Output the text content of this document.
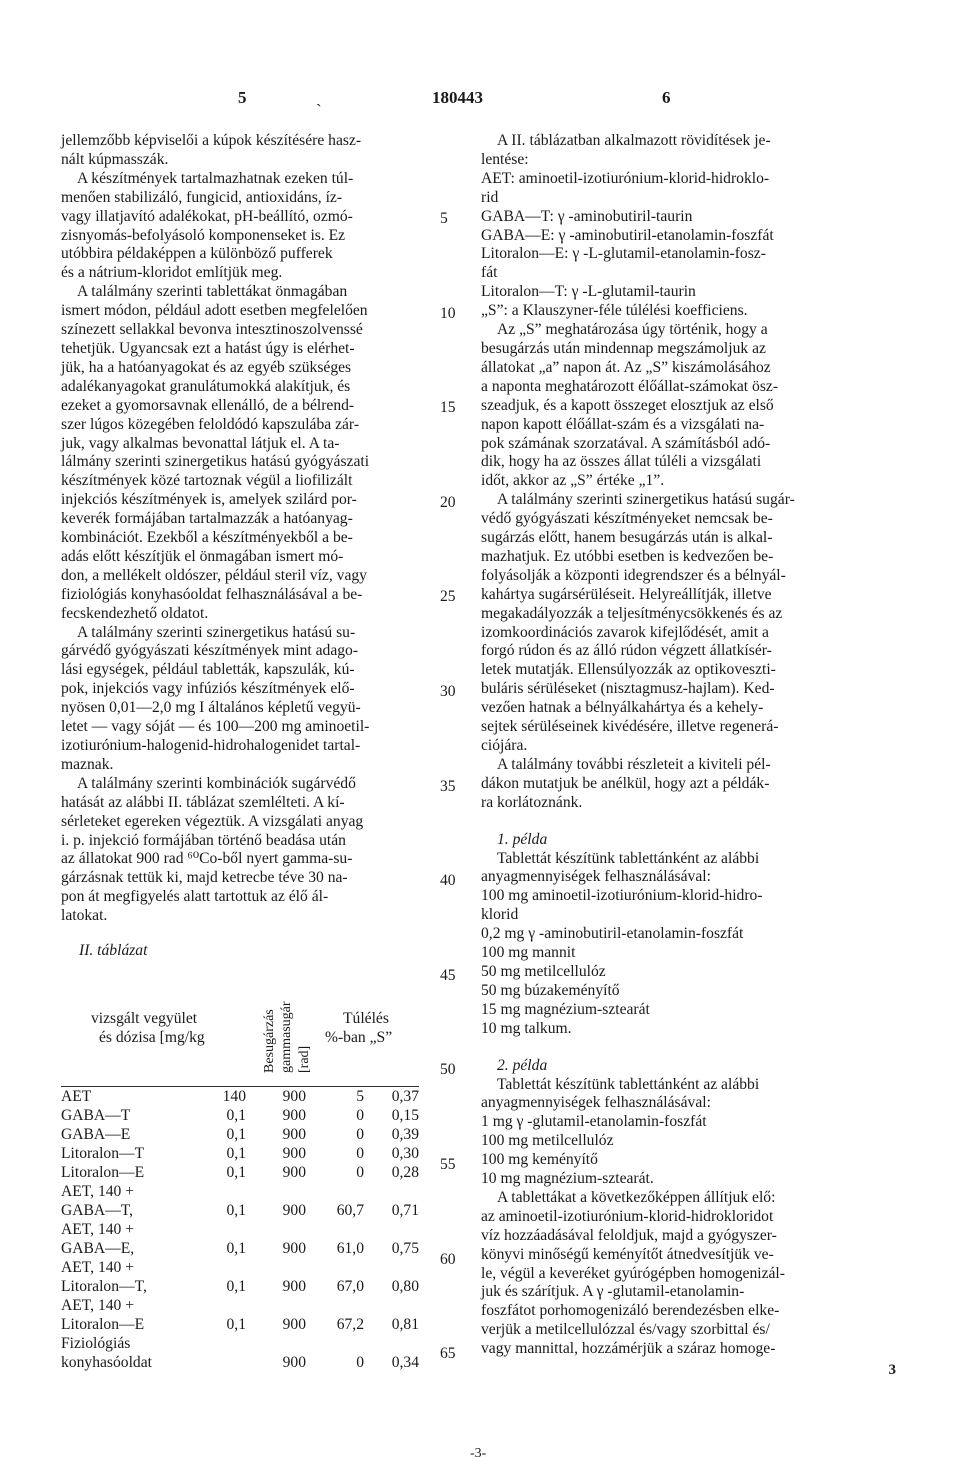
5	ˎ	180443	6

jellemzőbb képviselői a kúpok készítésére hasz-

nált kúpmasszák.

A készítmények tartalmazhatnak ezeken túl-

menően stabilizáló, fungicid, antioxidáns, íz-

vagy illatjavító adalékokat, pH-beállító, ozmó-

zisnyomás-befolyásoló komponenseket is. Ez

utóbbira példaképpen a különböző pufferek

és a nátrium-kloridot említjük meg.

A találmány szerinti tablettákat önmagában

ismert módon, például adott esetben megfelelően

színezett sellakkal bevonva intesztinoszolvenssé

tehetjük. Ugyancsak ezt a hatást úgy is elérhet-

jük, ha a hatóanyagokat és az egyéb szükséges

adalékanyagokat granulátumokká alakítjuk, és

ezeket a gyomorsavnak ellenálló, de a bélrend-

szer lúgos közegében feloldódó kapszulába zár-

juk, vagy alkalmas bevonattal látjuk el. A ta-

lálmány szerinti szinergetikus hatású gyógyászati

készítmények közé tartoznak végül a liofilizált

injekciós készítmények is, amelyek szilárd por-

keverék formájában tartalmazzák a hatóanyag-

kombinációt. Ezekből a készítményekből a be-

adás előtt készítjük el önmagában ismert mó-

don, a mellékelt oldószer, például steril víz, vagy

fiziológiás konyhasóoldat felhasználásával a be-

fecskendezhető oldatot.

A találmány szerinti szinergetikus hatású su-

gárvédő gyógyászati készítmények mint adago-

lási egységek, például tabletták, kapszulák, kú-

pok, injekciós vagy infúziós készítmények elő-

nyösen 0,01—2,0 mg I általános képletű vegyü-

letet — vagy sóját — és 100—200 mg aminoetil-

izotiurónium-halogenid-hidrohalogenidet tartal-

maznak.

A találmány szerinti kombinációk sugárvédő

hatását az alábbi II. táblázat szemlélteti. A kí-

sérleteket egereken végeztük. A vizsgálati anyag

i. p. injekció formájában történő beadása után

az állatokat 900 rad ⁶⁰Co-ből nyert gamma-su-

gárzásnak tettük ki, majd ketrecbe téve 30 na-

pon át megfigyelés alatt tartottuk az élő ál-

latokat.

II. táblázat

vizsgált vegyület

és dózisa [mg/kg	Besugárzás gammasugár [rad]

Túlélés

%-ban „S”

AET	140	900	5	0,37

GABA—T	0,1	900	0	0,15

GABA—E	0,1	900	0	0,39

Litoralon—T	0,1	900	0	0,30

Litoralon—E	0,1	900	0	0,28

AET, 140 +
GABA—T,	0,1	900	60,7	0,71

AET, 140 +
GABA—E,	0,1	900	61,0	0,75

AET, 140 +
Litoralon—T,	0,1	900	67,0	0,80

AET, 140 +
Litoralon—E	0,1	900	67,2	0,81

Fiziológiás
konyhasóoldat		900	0	0,34
5
10
15
20
25
30
35
40
45
50
55
60
65

A II. táblázatban alkalmazott rövidítések je-

lentése:

AET: aminoetil-izotiurónium-klorid-hidroklo-

rid

GABA—T: γ -aminobutiril-taurin

GABA—E: γ -aminobutiril-etanolamin-foszfát

Litoralon—E: γ -L-glutamil-etanolamin-fosz-

fát

Litoralon—T: γ -L-glutamil-taurin

„S”: a Klauszyner-féle túlélési koefficiens.

Az „S” meghatározása úgy történik, hogy a

besugárzás után mindennap megszámoljuk az

állatokat „a” napon át. Az „S” kiszámolásához

a naponta meghatározott élőállat-számokat ösz-

szeadjuk, és a kapott összeget elosztjuk az első

napon kapott élőállat-szám és a vizsgálati na-

pok számának szorzatával. A számításból adó-

dik, hogy ha az összes állat túléli a vizsgálati

időt, akkor az „S” értéke „1”.

A találmány szerinti szinergetikus hatású sugár-

védő gyógyászati készítményeket nemcsak be-

sugárzás előtt, hanem besugárzás után is alkal-

mazhatjuk. Ez utóbbi esetben is kedvezően be-

folyásolják a központi idegrendszer és a bélnyál-

kahártya sugársérüléseit. Helyreállítják, illetve

megakadályozzák a teljesítménycsökkenés és az

izomkoordinációs zavarok kifejlődését, amit a

forgó rúdon és az álló rúdon végzett állatkísér-

letek mutatják. Ellensúlyozzák az optikoveszti-

buláris sérüléseket (nisztagmusz-hajlam). Ked-

vezően hatnak a bélnyálkahártya és a kehely-

sejtek sérüléseinek kivédésére, illetve regenerá-

ciójára.

A találmány további részleteit a kiviteli pél-

dákon mutatjuk be anélkül, hogy azt a példák-

ra korlátoznánk.

1. példa

Tablettát készítünk tablettánként az alábbi

anyagmennyiségek felhasználásával:

100 mg aminoetil-izotiurónium-klorid-hidro-

klorid

0,2 mg γ -aminobutiril-etanolamin-foszfát

100 mg mannit

50 mg metilcellulóz

50 mg búzakeményítő

15 mg magnézium-sztearát

10 mg talkum.

2. példa

Tablettát készítünk tablettánként az alábbi

anyagmennyiségek felhasználásával:

1 mg γ -glutamil-etanolamin-foszfát

100 mg metilcellulóz

100 mg keményítő

10 mg magnézium-sztearát.

A tablettákat a következőképpen állítjuk elő:

az aminoetil-izotiurónium-klorid-hidrokloridot

víz hozzáadásával feloldjuk, majd a gyógyszer-

könyvi minőségű keményítőt átnedvesítjük ve-

le, végül a keveréket gyúrógépben homogenizál-

juk és szárítjuk. A γ -glutamil-etanolamin-

foszfátot porhomogenizáló berendezésben elke-

verjük a metilcellulózzal és/vagy szorbittal és/

vagy mannittal, hozzámérjük a száraz homoge-

3
-3-
